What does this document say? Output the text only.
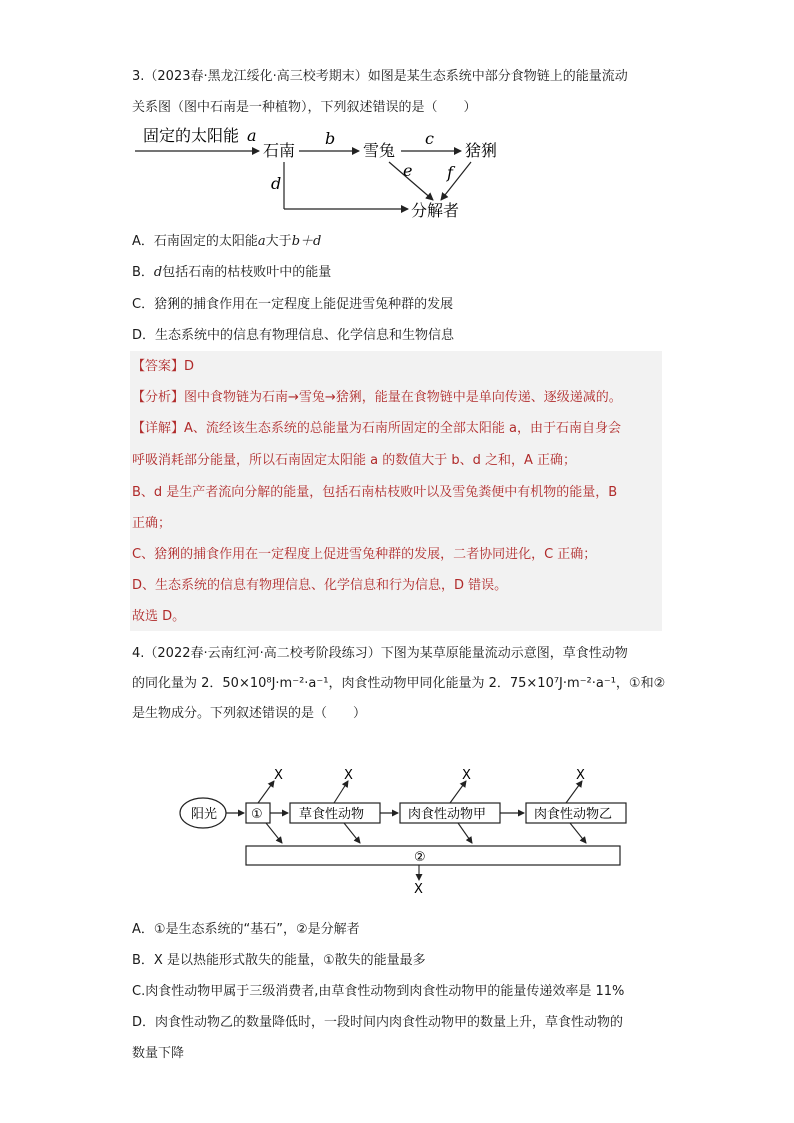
3.（2023春·黑龙江绥化·高三校考期末）如图是某生态系统中部分食物链上的能量流动
关系图（图中石南是一种植物），下列叙述错误的是（　　）
固定的太阳能 a
石南
b
雪兔
c
猞猁
d
e f
分解者
A．石南固定的太阳能a大于b＋d
B．d包括石南的枯枝败叶中的能量
C．猞猁的捕食作用在一定程度上能促进雪兔种群的发展
D．生态系统中的信息有物理信息、化学信息和生物信息
【答案】D
【分析】图中食物链为石南→雪兔→猞猁，能量在食物链中是单向传递、逐级递减的。
【详解】A、流经该生态系统的总能量为石南所固定的全部太阳能 a，由于石南自身会
呼吸消耗部分能量，所以石南固定太阳能 a 的数值大于 b、d 之和，A 正确；
B、d 是生产者流向分解的能量，包括石南枯枝败叶以及雪兔粪便中有机物的能量，B
正确；
C、猞猁的捕食作用在一定程度上促进雪兔种群的发展，二者协同进化，C 正确；
D、生态系统的信息有物理信息、化学信息和行为信息，D 错误。
故选 D。
4.（2022春·云南红河·高二校考阶段练习）下图为某草原能量流动示意图，草食性动物
的同化量为 2．50×10⁸J·m⁻²·a⁻¹，肉食性动物甲同化能量为 2．75×10⁷J·m⁻²·a⁻¹，①和②
是生物成分。下列叙述错误的是（　　）
阳光	①	草食性动物	肉食性动物甲	肉食性动物乙
X	X	X	X
②
X
A．①是生态系统的“基石”，②是分解者
B．X 是以热能形式散失的能量，①散失的能量最多
C.肉食性动物甲属于三级消费者,由草食性动物到肉食性动物甲的能量传递效率是 11%
D．肉食性动物乙的数量降低时，一段时间内肉食性动物甲的数量上升，草食性动物的
数量下降
